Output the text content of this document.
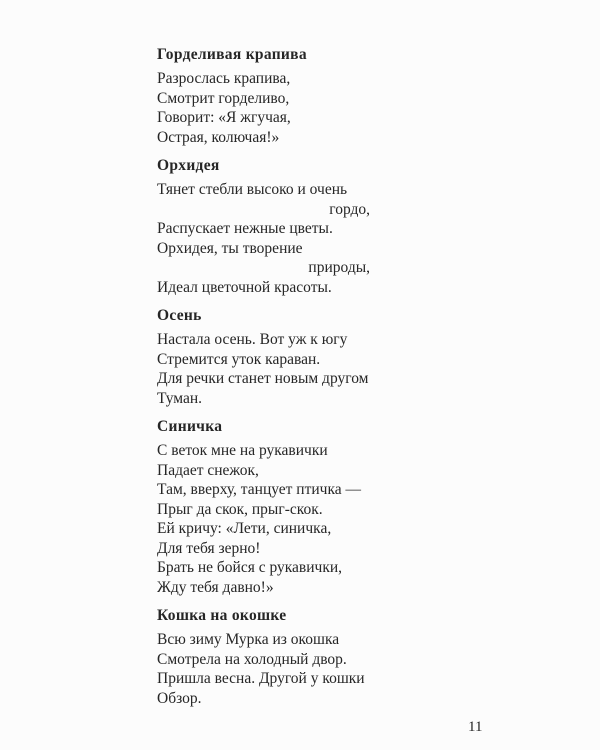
Горделивая крапива
Разрослась крапива,
Смотрит горделиво,
Говорит: «Я жгучая,
Острая, колючая!»
Орхидея
Тянет стебли высоко и очень
гордо,
Распускает нежные цветы.
Орхидея, ты творение
природы,
Идеал цветочной красоты.
Осень
Настала осень. Вот уж к югу
Стремится уток караван.
Для речки станет новым другом
Туман.
Синичка
С веток мне на рукавички
Падает снежок,
Там, вверху, танцует птичка —
Прыг да скок, прыг-скок.
Ей кричу: «Лети, синичка,
Для тебя зерно!
Брать не бойся с рукавички,
Жду тебя давно!»
Кошка на окошке
Всю зиму Мурка из окошка
Смотрела на холодный двор.
Пришла весна. Другой у кошки
Обзор.
11
